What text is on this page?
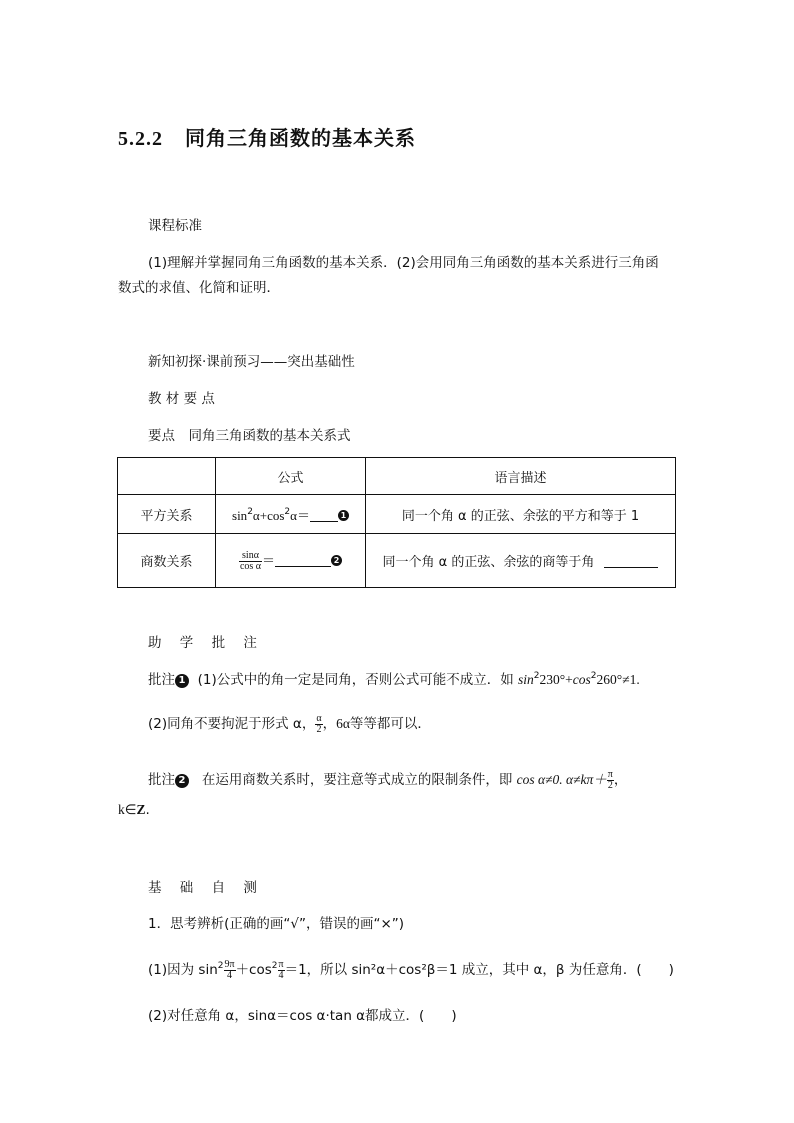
5.2.2 同角三角函数的基本关系
课程标准
(1)理解并掌握同角三角函数的基本关系．(2)会用同角三角函数的基本关系进行三角函
数式的求值、化简和证明．
新知初探·课前预习——突出基础性
教 材 要 点
要点　同角三角函数的基本关系式
	公式	语言描述
平方关系	$\sin^2\alpha+\cos^2\alpha= 1$	同一个角 α 的正弦、余弦的平方和等于 1
商数关系	$\frac{\sin\alpha}{\text{cos α}} = 2$	同一个角 α 的正弦、余弦的商等于角
助 学 批 注
批注 1 (1)公式中的角一定是同角，否则公式可能不成立．如 $\sin^2230^\circ+\cos^2260^\circ\ne 1$.
(2)同角不要拘泥于形式 α， $\frac{\alpha}{2}$ ，6α等等都可以．
批注 2 在运用商数关系时，要注意等式成立的限制条件，即 cos α≠0. $\alpha\ne k\pi+ \frac{\pi}{2}$ ，
k∈Z.
基 础 自 测
1．思考辨析(正确的画“√”，错误的画“×”)
(1)因为 $\sin^2 \frac{9\pi}{4} +\cos^2 \frac{\pi}{4} =1$，所以 sin²α＋cos²β＝1 成立，其中 α，β 为任意角．(　　)
(2)对任意角 α，sinα＝cos α·tan α都成立．(　　)
